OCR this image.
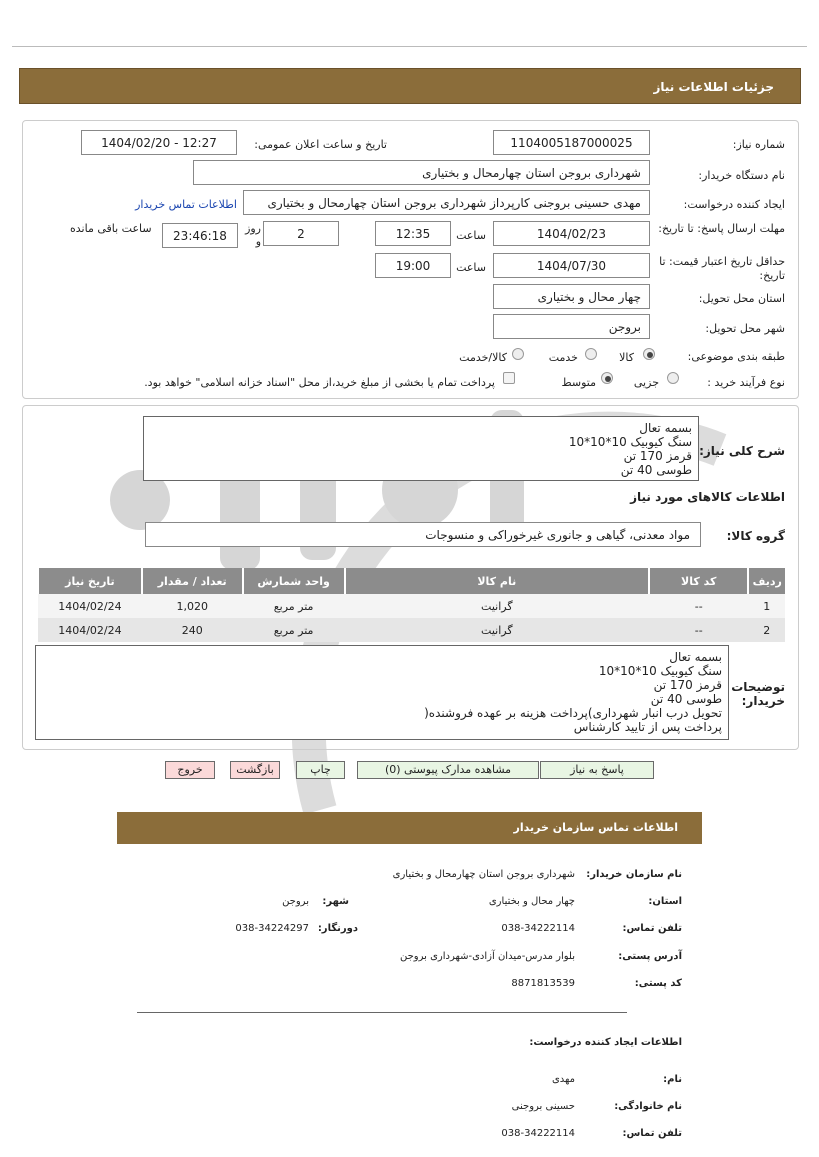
جزئیات اطلاعات نیاز
شماره نیاز:
1104005187000025
تاریخ و ساعت اعلان عمومی:
1404/02/20 - 12:27
نام دستگاه خریدار:
شهرداری بروجن استان چهارمحال و بختیاری
ایجاد کننده درخواست:
مهدی حسینی بروجنی کارپرداز شهرداری بروجن استان چهارمحال و بختیاری
اطلاعات تماس خریدار
مهلت ارسال پاسخ: تا تاریخ:
1404/02/23
ساعت
12:35
2
روز و
23:46:18
ساعت باقی مانده
حداقل تاریخ اعتبار قیمت: تا تاریخ:
1404/07/30
ساعت
19:00
استان محل تحویل:
چهار محال و بختیاری
شهر محل تحویل:
بروجن
طبقه بندی موضوعی:
کالا
خدمت
کالا/خدمت
نوع فرآیند خرید :
جزیی
متوسط
پرداخت تمام یا بخشی از مبلغ خرید،از محل "اسناد خزانه اسلامی" خواهد بود.
شرح کلی نیاز:
بسمه تعال
سنگ کیوبیک 10*10*10
قرمز 170 تن
طوسی 40 تن
اطلاعات کالاهای مورد نیاز
گروه کالا:
مواد معدنی، گیاهی و جانوری غیرخوراکی و منسوجات
ردیف	کد کالا	نام کالا	واحد شمارش	تعداد / مقدار	تاریخ نیاز
1	--	گرانیت	متر مربع	1,020	1404/02/24
2	--	گرانیت	متر مربع	240	1404/02/24
توضیحات خریدار:
بسمه تعال
سنگ کیوبیک 10*10*10
قرمز 170 تن
طوسی 40 تن
تحویل درب انبار شهرداری)پرداخت هزینه بر عهده فروشنده(
پرداخت پس از تایید کارشناس
پاسخ به نیاز
مشاهده مدارک پیوستی (0)
چاپ
بازگشت
خروج
اطلاعات تماس سازمان خریدار
نام سازمان خریدار:
شهرداری بروجن استان چهارمحال و بختیاری
استان:
چهار محال و بختیاری
شهر:
بروجن
تلفن تماس:
038-34222114
دورنگار:
038-34224297
آدرس پستی:
بلوار مدرس-میدان آزادی-شهرداری بروجن
کد پستی:
8871813539
اطلاعات ایجاد کننده درخواست:
نام:
مهدی
نام خانوادگی:
حسینی بروجنی
تلفن تماس:
038-34222114
